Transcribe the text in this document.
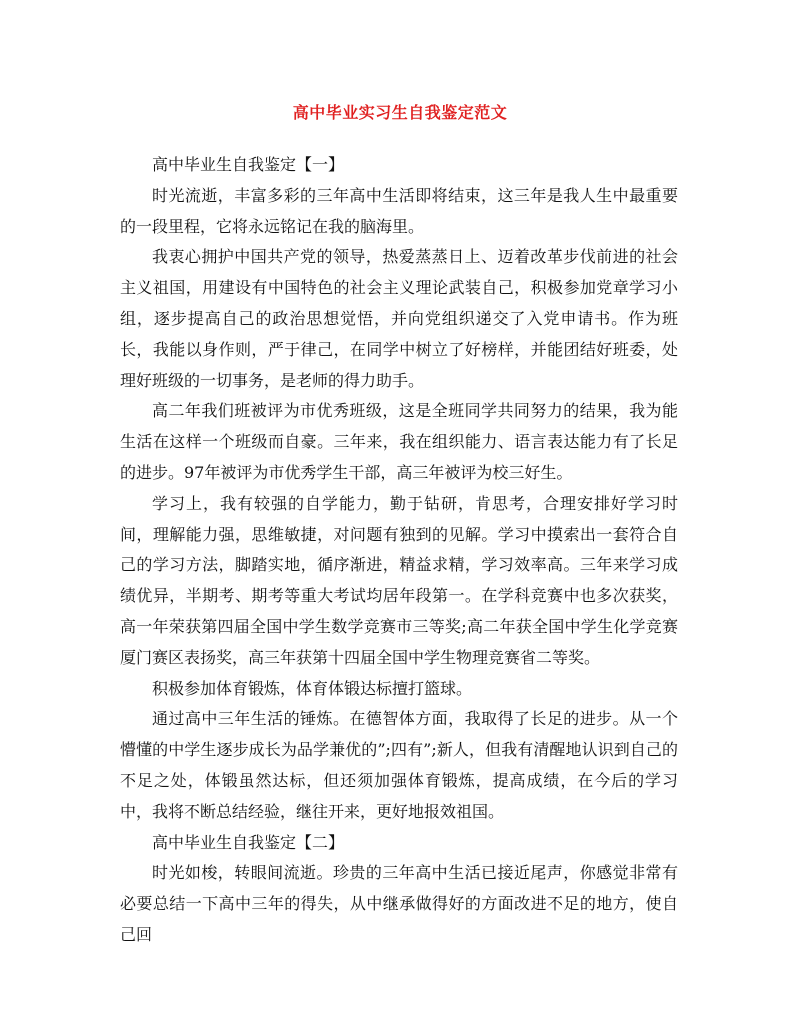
高中毕业实习生自我鉴定范文

高中毕业生自我鉴定【一】

时光流逝，丰富多彩的三年高中生活即将结束，这三年是我人生中最重要的一段里程，它将永远铭记在我的脑海里。

我衷心拥护中国共产党的领导，热爱蒸蒸日上、迈着改革步伐前进的社会主义祖国，用建设有中国特色的社会主义理论武装自己，积极参加党章学习小组，逐步提高自己的政治思想觉悟，并向党组织递交了入党申请书。作为班长，我能以身作则，严于律己，在同学中树立了好榜样，并能团结好班委，处理好班级的一切事务，是老师的得力助手。

高二年我们班被评为市优秀班级，这是全班同学共同努力的结果，我为能生活在这样一个班级而自豪。三年来，我在组织能力、语言表达能力有了长足的进步。97年被评为市优秀学生干部，高三年被评为校三好生。

学习上，我有较强的自学能力，勤于钻研，肯思考，合理安排好学习时间，理解能力强，思维敏捷，对问题有独到的见解。学习中摸索出一套符合自己的学习方法，脚踏实地，循序渐进，精益求精，学习效率高。三年来学习成绩优异，半期考、期考等重大考试均居年段第一。在学科竞赛中也多次获奖，高一年荣获第四届全国中学生数学竞赛市三等奖;高二年获全国中学生化学竞赛厦门赛区表扬奖，高三年获第十四届全国中学生物理竞赛省二等奖。

积极参加体育锻炼，体育体锻达标擅打篮球。

通过高中三年生活的锤炼。在德智体方面，我取得了长足的进步。从一个懵懂的中学生逐步成长为品学兼优的”;四有”;新人，但我有清醒地认识到自己的不足之处，体锻虽然达标，但还须加强体育锻炼，提高成绩，在今后的学习中，我将不断总结经验，继往开来，更好地报效祖国。

高中毕业生自我鉴定【二】

时光如梭，转眼间流逝。珍贵的三年高中生活已接近尾声，你感觉非常有必要总结一下高中三年的得失，从中继承做得好的方面改进不足的地方，使自己回
